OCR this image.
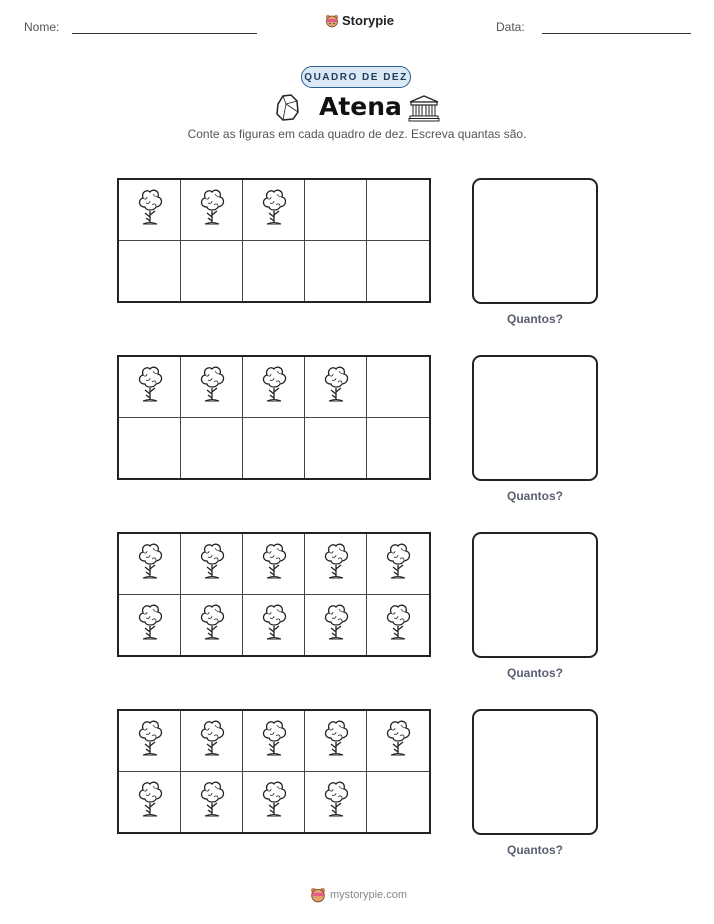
Nome:	Storypie	Data:
QUADRO DE DEZ
Atena
Conte as figuras em cada quadro de dez. Escreva quantas são.
Quantos?
Quantos?
Quantos?
Quantos?
mystorypie.com
